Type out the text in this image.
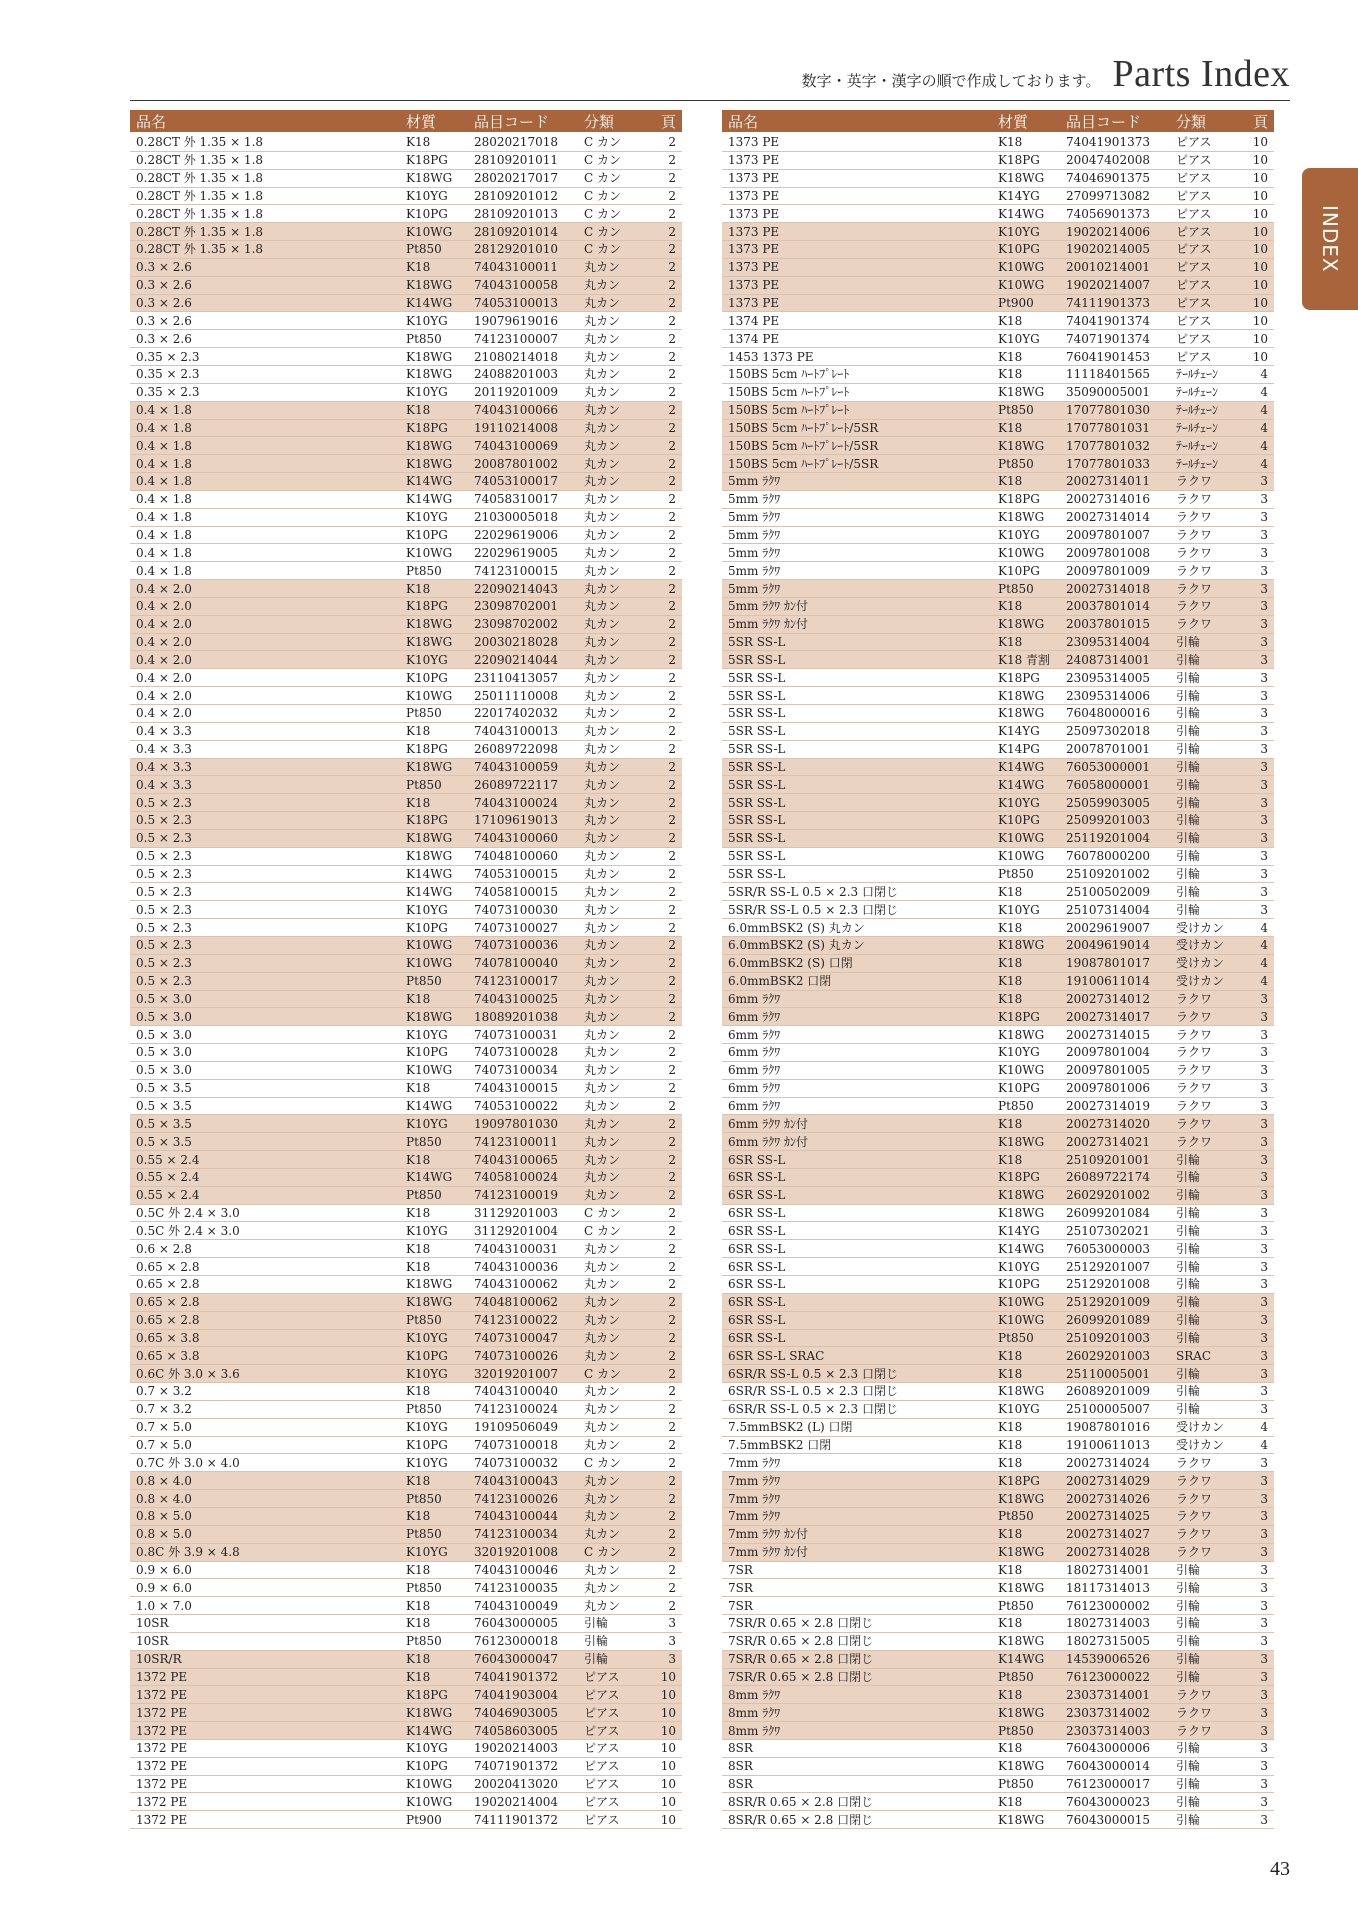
数字・英字・漢字の順で作成しております。 Parts Index
INDEX
品名	材質	品目コード	分類	頁
0.28CT 外 1.35 × 1.8	K18	28020217018	C カン	2
0.28CT 外 1.35 × 1.8	K18PG	28109201011	C カン	2
0.28CT 外 1.35 × 1.8	K18WG	28020217017	C カン	2
0.28CT 外 1.35 × 1.8	K10YG	28109201012	C カン	2
0.28CT 外 1.35 × 1.8	K10PG	28109201013	C カン	2
0.28CT 外 1.35 × 1.8	K10WG	28109201014	C カン	2
0.28CT 外 1.35 × 1.8	Pt850	28129201010	C カン	2
0.3 × 2.6	K18	74043100011	丸カン	2
0.3 × 2.6	K18WG	74043100058	丸カン	2
0.3 × 2.6	K14WG	74053100013	丸カン	2
0.3 × 2.6	K10YG	19079619016	丸カン	2
0.3 × 2.6	Pt850	74123100007	丸カン	2
0.35 × 2.3	K18WG	21080214018	丸カン	2
0.35 × 2.3	K18WG	24088201003	丸カン	2
0.35 × 2.3	K10YG	20119201009	丸カン	2
0.4 × 1.8	K18	74043100066	丸カン	2
0.4 × 1.8	K18PG	19110214008	丸カン	2
0.4 × 1.8	K18WG	74043100069	丸カン	2
0.4 × 1.8	K18WG	20087801002	丸カン	2
0.4 × 1.8	K14WG	74053100017	丸カン	2
0.4 × 1.8	K14WG	74058310017	丸カン	2
0.4 × 1.8	K10YG	21030005018	丸カン	2
0.4 × 1.8	K10PG	22029619006	丸カン	2
0.4 × 1.8	K10WG	22029619005	丸カン	2
0.4 × 1.8	Pt850	74123100015	丸カン	2
0.4 × 2.0	K18	22090214043	丸カン	2
0.4 × 2.0	K18PG	23098702001	丸カン	2
0.4 × 2.0	K18WG	23098702002	丸カン	2
0.4 × 2.0	K18WG	20030218028	丸カン	2
0.4 × 2.0	K10YG	22090214044	丸カン	2
0.4 × 2.0	K10PG	23110413057	丸カン	2
0.4 × 2.0	K10WG	25011110008	丸カン	2
0.4 × 2.0	Pt850	22017402032	丸カン	2
0.4 × 3.3	K18	74043100013	丸カン	2
0.4 × 3.3	K18PG	26089722098	丸カン	2
0.4 × 3.3	K18WG	74043100059	丸カン	2
0.4 × 3.3	Pt850	26089722117	丸カン	2
0.5 × 2.3	K18	74043100024	丸カン	2
0.5 × 2.3	K18PG	17109619013	丸カン	2
0.5 × 2.3	K18WG	74043100060	丸カン	2
0.5 × 2.3	K18WG	74048100060	丸カン	2
0.5 × 2.3	K14WG	74053100015	丸カン	2
0.5 × 2.3	K14WG	74058100015	丸カン	2
0.5 × 2.3	K10YG	74073100030	丸カン	2
0.5 × 2.3	K10PG	74073100027	丸カン	2
0.5 × 2.3	K10WG	74073100036	丸カン	2
0.5 × 2.3	K10WG	74078100040	丸カン	2
0.5 × 2.3	Pt850	74123100017	丸カン	2
0.5 × 3.0	K18	74043100025	丸カン	2
0.5 × 3.0	K18WG	18089201038	丸カン	2
0.5 × 3.0	K10YG	74073100031	丸カン	2
0.5 × 3.0	K10PG	74073100028	丸カン	2
0.5 × 3.0	K10WG	74073100034	丸カン	2
0.5 × 3.5	K18	74043100015	丸カン	2
0.5 × 3.5	K14WG	74053100022	丸カン	2
0.5 × 3.5	K10YG	19097801030	丸カン	2
0.5 × 3.5	Pt850	74123100011	丸カン	2
0.55 × 2.4	K18	74043100065	丸カン	2
0.55 × 2.4	K14WG	74058100024	丸カン	2
0.55 × 2.4	Pt850	74123100019	丸カン	2
0.5C 外 2.4 × 3.0	K18	31129201003	C カン	2
0.5C 外 2.4 × 3.0	K10YG	31129201004	C カン	2
0.6 × 2.8	K18	74043100031	丸カン	2
0.65 × 2.8	K18	74043100036	丸カン	2
0.65 × 2.8	K18WG	74043100062	丸カン	2
0.65 × 2.8	K18WG	74048100062	丸カン	2
0.65 × 2.8	Pt850	74123100022	丸カン	2
0.65 × 3.8	K10YG	74073100047	丸カン	2
0.65 × 3.8	K10PG	74073100026	丸カン	2
0.6C 外 3.0 × 3.6	K10YG	32019201007	C カン	2
0.7 × 3.2	K18	74043100040	丸カン	2
0.7 × 3.2	Pt850	74123100024	丸カン	2
0.7 × 5.0	K10YG	19109506049	丸カン	2
0.7 × 5.0	K10PG	74073100018	丸カン	2
0.7C 外 3.0 × 4.0	K10YG	74073100032	C カン	2
0.8 × 4.0	K18	74043100043	丸カン	2
0.8 × 4.0	Pt850	74123100026	丸カン	2
0.8 × 5.0	K18	74043100044	丸カン	2
0.8 × 5.0	Pt850	74123100034	丸カン	2
0.8C 外 3.9 × 4.8	K10YG	32019201008	C カン	2
0.9 × 6.0	K18	74043100046	丸カン	2
0.9 × 6.0	Pt850	74123100035	丸カン	2
1.0 × 7.0	K18	74043100049	丸カン	2
10SR	K18	76043000005	引輪	3
10SR	Pt850	76123000018	引輪	3
10SR/R	K18	76043000047	引輪	3
1372 PE	K18	74041901372	ピアス	10
1372 PE	K18PG	74041903004	ピアス	10
1372 PE	K18WG	74046903005	ピアス	10
1372 PE	K14WG	74058603005	ピアス	10
1372 PE	K10YG	19020214003	ピアス	10
1372 PE	K10PG	74071901372	ピアス	10
1372 PE	K10WG	20020413020	ピアス	10
1372 PE	K10WG	19020214004	ピアス	10
1372 PE	Pt900	74111901372	ピアス	10
品名	材質	品目コード	分類	頁
1373 PE	K18	74041901373	ピアス	10
1373 PE	K18PG	20047402008	ピアス	10
1373 PE	K18WG	74046901375	ピアス	10
1373 PE	K14YG	27099713082	ピアス	10
1373 PE	K14WG	74056901373	ピアス	10
1373 PE	K10YG	19020214006	ピアス	10
1373 PE	K10PG	19020214005	ピアス	10
1373 PE	K10WG	20010214001	ピアス	10
1373 PE	K10WG	19020214007	ピアス	10
1373 PE	Pt900	74111901373	ピアス	10
1374 PE	K18	74041901374	ピアス	10
1374 PE	K10YG	74071901374	ピアス	10
1453 1373 PE	K18	76041901453	ピアス	10
150BS 5cm ﾊｰﾄﾌﾟﾚｰﾄ	K18	11118401565	ﾃｰﾙﾁｪｰﾝ	4
150BS 5cm ﾊｰﾄﾌﾟﾚｰﾄ	K18WG	35090005001	ﾃｰﾙﾁｪｰﾝ	4
150BS 5cm ﾊｰﾄﾌﾟﾚｰﾄ	Pt850	17077801030	ﾃｰﾙﾁｪｰﾝ	4
150BS 5cm ﾊｰﾄﾌﾟﾚｰﾄ/5SR	K18	17077801031	ﾃｰﾙﾁｪｰﾝ	4
150BS 5cm ﾊｰﾄﾌﾟﾚｰﾄ/5SR	K18WG	17077801032	ﾃｰﾙﾁｪｰﾝ	4
150BS 5cm ﾊｰﾄﾌﾟﾚｰﾄ/5SR	Pt850	17077801033	ﾃｰﾙﾁｪｰﾝ	4
5mm ﾗｸﾜ	K18	20027314011	ラクワ	3
5mm ﾗｸﾜ	K18PG	20027314016	ラクワ	3
5mm ﾗｸﾜ	K18WG	20027314014	ラクワ	3
5mm ﾗｸﾜ	K10YG	20097801007	ラクワ	3
5mm ﾗｸﾜ	K10WG	20097801008	ラクワ	3
5mm ﾗｸﾜ	K10PG	20097801009	ラクワ	3
5mm ﾗｸﾜ	Pt850	20027314018	ラクワ	3
5mm ﾗｸﾜ ｶﾝ付	K18	20037801014	ラクワ	3
5mm ﾗｸﾜ ｶﾝ付	K18WG	20037801015	ラクワ	3
5SR SS-L	K18	23095314004	引輪	3
5SR SS-L	K18 青割	24087314001	引輪	3
5SR SS-L	K18PG	23095314005	引輪	3
5SR SS-L	K18WG	23095314006	引輪	3
5SR SS-L	K18WG	76048000016	引輪	3
5SR SS-L	K14YG	25097302018	引輪	3
5SR SS-L	K14PG	20078701001	引輪	3
5SR SS-L	K14WG	76053000001	引輪	3
5SR SS-L	K14WG	76058000001	引輪	3
5SR SS-L	K10YG	25059903005	引輪	3
5SR SS-L	K10PG	25099201003	引輪	3
5SR SS-L	K10WG	25119201004	引輪	3
5SR SS-L	K10WG	76078000200	引輪	3
5SR SS-L	Pt850	25109201002	引輪	3
5SR/R SS-L 0.5 × 2.3 口閉じ	K18	25100502009	引輪	3
5SR/R SS-L 0.5 × 2.3 口閉じ	K10YG	25107314004	引輪	3
6.0mmBSK2 (S) 丸カン	K18	20029619007	受けカン	4
6.0mmBSK2 (S) 丸カン	K18WG	20049619014	受けカン	4
6.0mmBSK2 (S) 口閉	K18	19087801017	受けカン	4
6.0mmBSK2 口閉	K18	19100611014	受けカン	4
6mm ﾗｸﾜ	K18	20027314012	ラクワ	3
6mm ﾗｸﾜ	K18PG	20027314017	ラクワ	3
6mm ﾗｸﾜ	K18WG	20027314015	ラクワ	3
6mm ﾗｸﾜ	K10YG	20097801004	ラクワ	3
6mm ﾗｸﾜ	K10WG	20097801005	ラクワ	3
6mm ﾗｸﾜ	K10PG	20097801006	ラクワ	3
6mm ﾗｸﾜ	Pt850	20027314019	ラクワ	3
6mm ﾗｸﾜ ｶﾝ付	K18	20027314020	ラクワ	3
6mm ﾗｸﾜ ｶﾝ付	K18WG	20027314021	ラクワ	3
6SR SS-L	K18	25109201001	引輪	3
6SR SS-L	K18PG	26089722174	引輪	3
6SR SS-L	K18WG	26029201002	引輪	3
6SR SS-L	K18WG	26099201084	引輪	3
6SR SS-L	K14YG	25107302021	引輪	3
6SR SS-L	K14WG	76053000003	引輪	3
6SR SS-L	K10YG	25129201007	引輪	3
6SR SS-L	K10PG	25129201008	引輪	3
6SR SS-L	K10WG	25129201009	引輪	3
6SR SS-L	K10WG	26099201089	引輪	3
6SR SS-L	Pt850	25109201003	引輪	3
6SR SS-L SRAC	K18	26029201003	SRAC	3
6SR/R SS-L 0.5 × 2.3 口閉じ	K18	25110005001	引輪	3
6SR/R SS-L 0.5 × 2.3 口閉じ	K18WG	26089201009	引輪	3
6SR/R SS-L 0.5 × 2.3 口閉じ	K10YG	25100005007	引輪	3
7.5mmBSK2 (L) 口閉	K18	19087801016	受けカン	4
7.5mmBSK2 口閉	K18	19100611013	受けカン	4
7mm ﾗｸﾜ	K18	20027314024	ラクワ	3
7mm ﾗｸﾜ	K18PG	20027314029	ラクワ	3
7mm ﾗｸﾜ	K18WG	20027314026	ラクワ	3
7mm ﾗｸﾜ	Pt850	20027314025	ラクワ	3
7mm ﾗｸﾜ ｶﾝ付	K18	20027314027	ラクワ	3
7mm ﾗｸﾜ ｶﾝ付	K18WG	20027314028	ラクワ	3
7SR	K18	18027314001	引輪	3
7SR	K18WG	18117314013	引輪	3
7SR	Pt850	76123000002	引輪	3
7SR/R 0.65 × 2.8 口閉じ	K18	18027314003	引輪	3
7SR/R 0.65 × 2.8 口閉じ	K18WG	18027315005	引輪	3
7SR/R 0.65 × 2.8 口閉じ	K14WG	14539006526	引輪	3
7SR/R 0.65 × 2.8 口閉じ	Pt850	76123000022	引輪	3
8mm ﾗｸﾜ	K18	23037314001	ラクワ	3
8mm ﾗｸﾜ	K18WG	23037314002	ラクワ	3
8mm ﾗｸﾜ	Pt850	23037314003	ラクワ	3
8SR	K18	76043000006	引輪	3
8SR	K18WG	76043000014	引輪	3
8SR	Pt850	76123000017	引輪	3
8SR/R 0.65 × 2.8 口閉じ	K18	76043000023	引輪	3
8SR/R 0.65 × 2.8 口閉じ	K18WG	76043000015	引輪	3
43
